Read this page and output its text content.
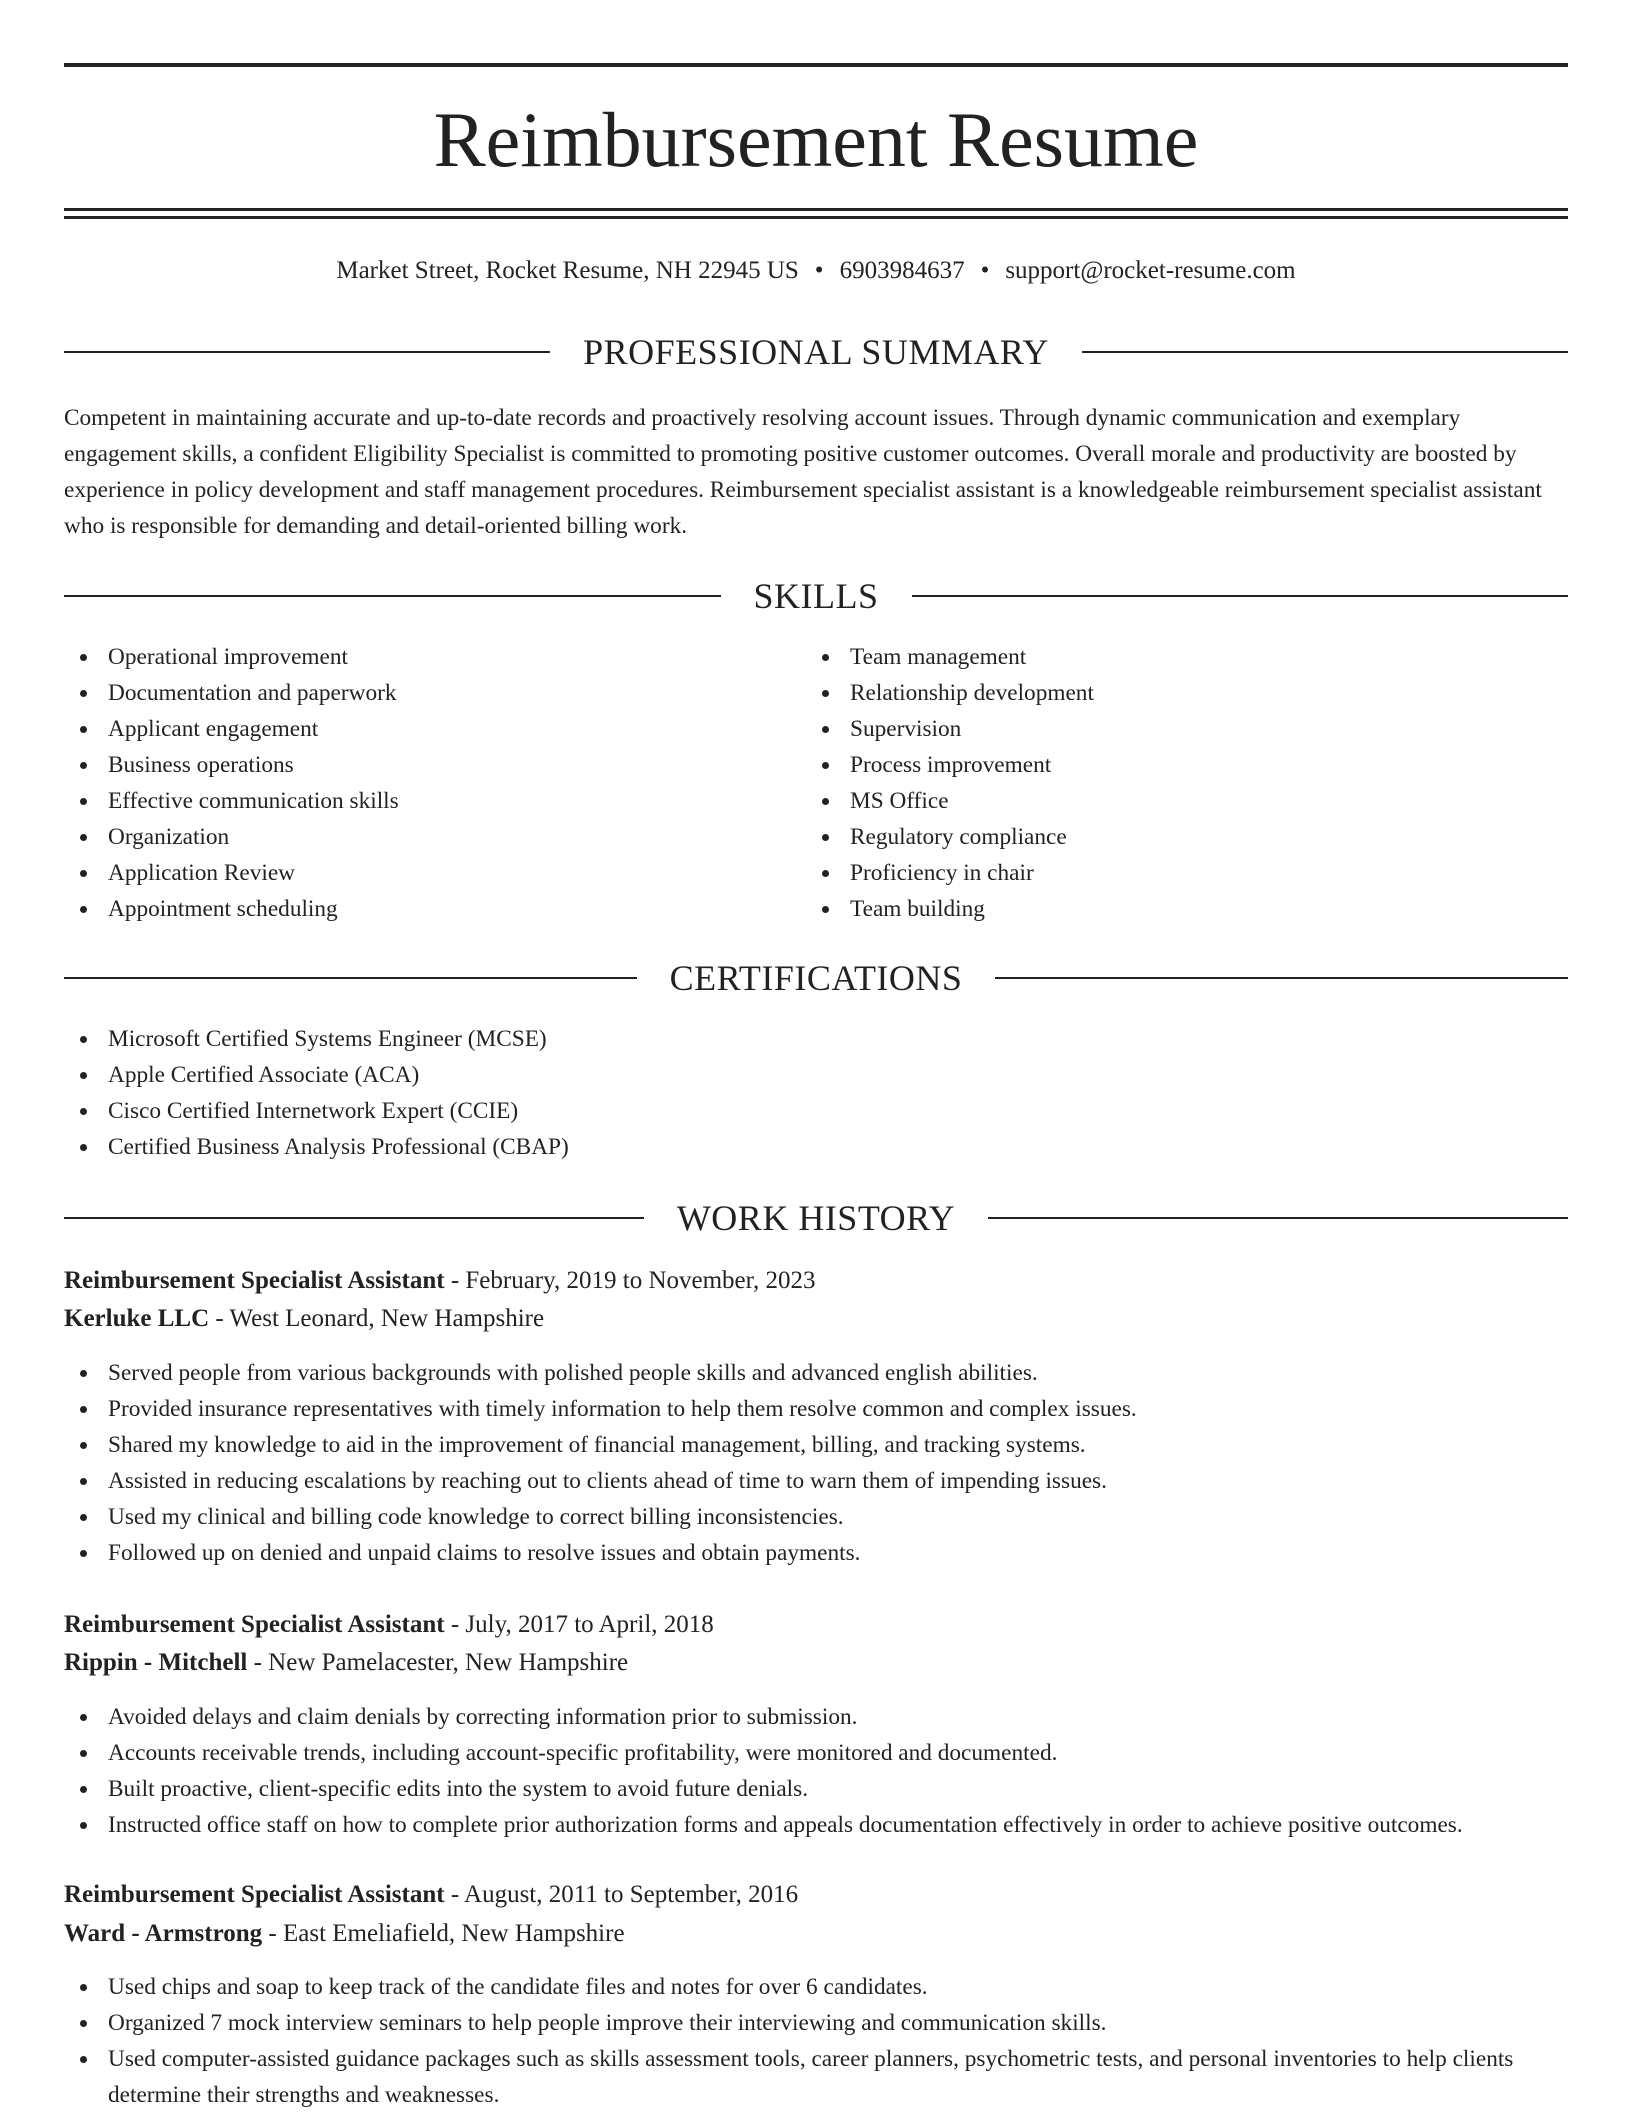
Reimbursement Resume
Market Street, Rocket Resume, NH 22945 US • 6903984637 • support@rocket-resume.com
PROFESSIONAL SUMMARY

Competent in maintaining accurate and up-to-date records and proactively resolving account issues. Through dynamic communication and exemplary engagement skills, a confident Eligibility Specialist is committed to promoting positive customer outcomes. Overall morale and productivity are boosted by experience in policy development and staff management procedures. Reimbursement specialist assistant is a knowledgeable reimbursement specialist assistant who is responsible for demanding and detail-oriented billing work.

SKILLS
Operational improvement
Documentation and paperwork
Applicant engagement
Business operations
Effective communication skills
Organization
Application Review
Appointment scheduling
Team management
Relationship development
Supervision
Process improvement
MS Office
Regulatory compliance
Proficiency in chair
Team building
CERTIFICATIONS
Microsoft Certified Systems Engineer (MCSE)
Apple Certified Associate (ACA)
Cisco Certified Internetwork Expert (CCIE)
Certified Business Analysis Professional (CBAP)
WORK HISTORY
Reimbursement Specialist Assistant - February, 2019 to November, 2023
Kerluke LLC - West Leonard, New Hampshire
Served people from various backgrounds with polished people skills and advanced english abilities.
Provided insurance representatives with timely information to help them resolve common and complex issues.
Shared my knowledge to aid in the improvement of financial management, billing, and tracking systems.
Assisted in reducing escalations by reaching out to clients ahead of time to warn them of impending issues.
Used my clinical and billing code knowledge to correct billing inconsistencies.
Followed up on denied and unpaid claims to resolve issues and obtain payments.
Reimbursement Specialist Assistant - July, 2017 to April, 2018
Rippin - Mitchell - New Pamelacester, New Hampshire
Avoided delays and claim denials by correcting information prior to submission.
Accounts receivable trends, including account-specific profitability, were monitored and documented.
Built proactive, client-specific edits into the system to avoid future denials.
Instructed office staff on how to complete prior authorization forms and appeals documentation effectively in order to achieve positive outcomes.
Reimbursement Specialist Assistant - August, 2011 to September, 2016
Ward - Armstrong - East Emeliafield, New Hampshire
Used chips and soap to keep track of the candidate files and notes for over 6 candidates.
Organized 7 mock interview seminars to help people improve their interviewing and communication skills.
Used computer-assisted guidance packages such as skills assessment tools, career planners, psychometric tests, and personal inventories to help clients determine their strengths and weaknesses.
